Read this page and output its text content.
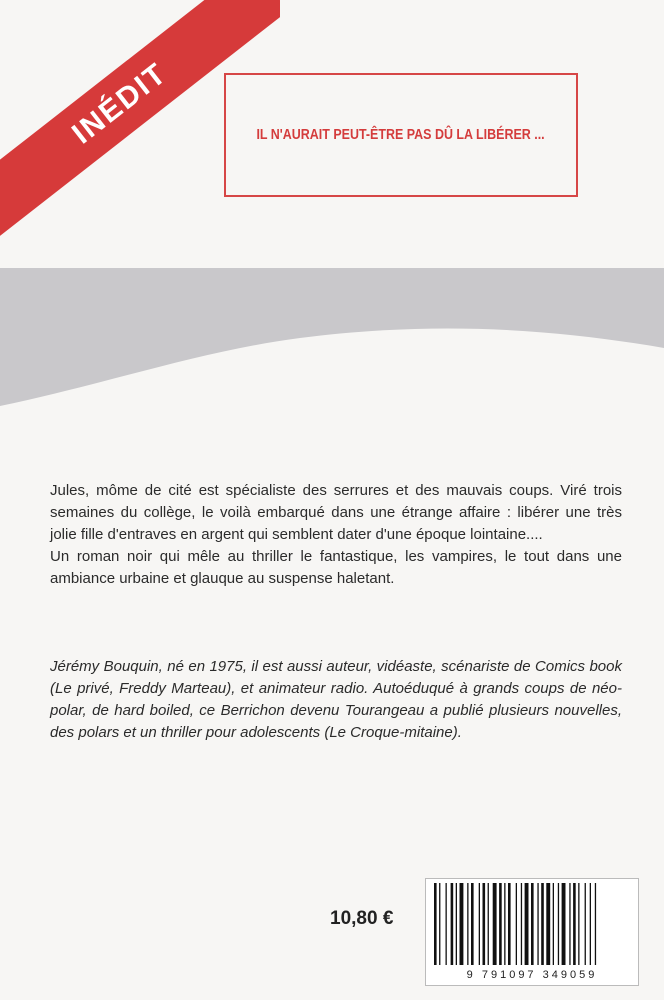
INÉDIT	IL N'AURAIT PEUT-ÊTRE PAS DÛ LA LIBÉRER ...

Jules, môme de cité est spécialiste des serrures et des mauvais coups. Viré trois semaines du collège, le voilà embarqué dans une étrange affaire : libérer une très jolie fille d'entraves en argent qui semblent dater d'une époque lointaine....

Un roman noir qui mêle au thriller le fantastique, les vampires, le tout dans une ambiance urbaine et glauque au suspense haletant.

Jérémy Bouquin, né en 1975, il est aussi auteur, vidéaste, scénariste de Comics book (Le privé, Freddy Marteau), et animateur radio. Autoéduqué à grands coups de néo-polar, de hard boiled, ce Berrichon devenu Tourangeau a publié plusieurs nouvelles, des polars et un thriller pour adolescents (Le Croque-mitaine).

10,80 €
9 791097 349059
